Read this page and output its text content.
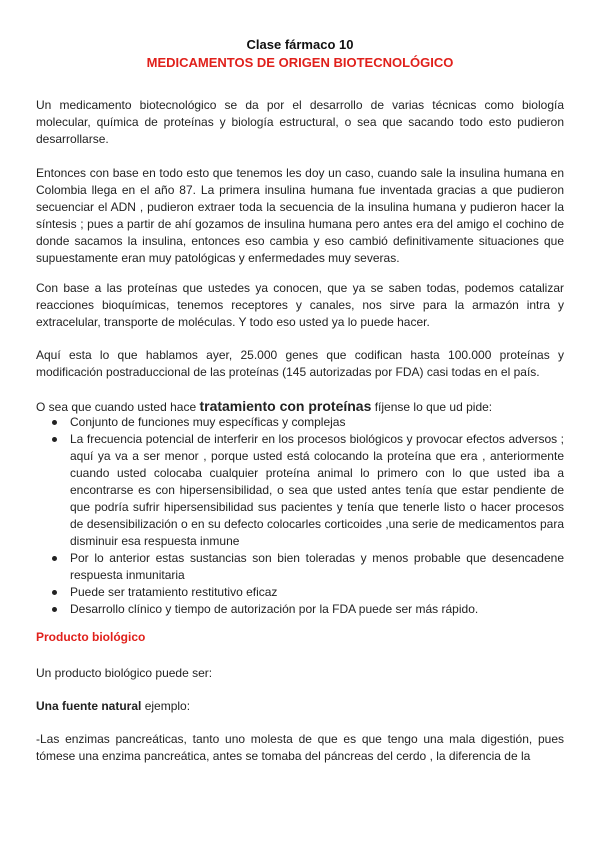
Clase fármaco 10
MEDICAMENTOS DE ORIGEN BIOTECNOLÓGICO
Un medicamento biotecnológico se da por el desarrollo de varias técnicas como biología molecular, química de proteínas y biología estructural, o sea que sacando todo esto pudieron desarrollarse.
Entonces con base en todo esto que tenemos les doy un caso, cuando sale la insulina humana en Colombia llega en el año 87. La primera insulina humana fue inventada gracias a que pudieron secuenciar el ADN , pudieron extraer toda la secuencia de la insulina humana y pudieron hacer la síntesis ; pues a partir de ahí gozamos de insulina humana pero antes era del amigo el cochino de donde sacamos la insulina, entonces eso cambia y eso cambió definitivamente situaciones que supuestamente eran muy patológicas y enfermedades muy severas.
Con base a las proteínas que ustedes ya conocen, que ya se saben todas, podemos catalizar reacciones bioquímicas, tenemos receptores y canales, nos sirve para la armazón intra y extracelular, transporte de moléculas. Y todo eso usted ya lo puede hacer.
Aquí esta lo que hablamos ayer, 25.000 genes que codifican hasta 100.000 proteínas y modificación postraduccional de las proteínas (145 autorizadas por FDA) casi todas en el país.
O sea que cuando usted hace tratamiento con proteínas fíjense lo que ud pide:
Conjunto de funciones muy específicas y complejas
La frecuencia potencial de interferir en los procesos biológicos y provocar efectos adversos ; aquí ya va a ser menor , porque usted está colocando la proteína que era , anteriormente cuando usted colocaba cualquier proteína animal lo primero con lo que usted iba a encontrarse es con hipersensibilidad, o sea que usted antes tenía que estar pendiente de que podría sufrir hipersensibilidad sus pacientes y tenía que tenerle listo o hacer procesos de desensibilización o en su defecto colocarles corticoides ,una serie de medicamentos para disminuir esa respuesta inmune
Por lo anterior estas sustancias son bien toleradas y menos probable que desencadene respuesta inmunitaria
Puede ser tratamiento restitutivo eficaz
Desarrollo clínico y tiempo de autorización por la FDA puede ser más rápido.
Producto biológico
Un producto biológico puede ser:
Una fuente natural ejemplo:
-Las enzimas pancreáticas, tanto uno molesta de que es que tengo una mala digestión, pues tómese una enzima pancreática, antes se tomaba del páncreas del cerdo , la diferencia de la
